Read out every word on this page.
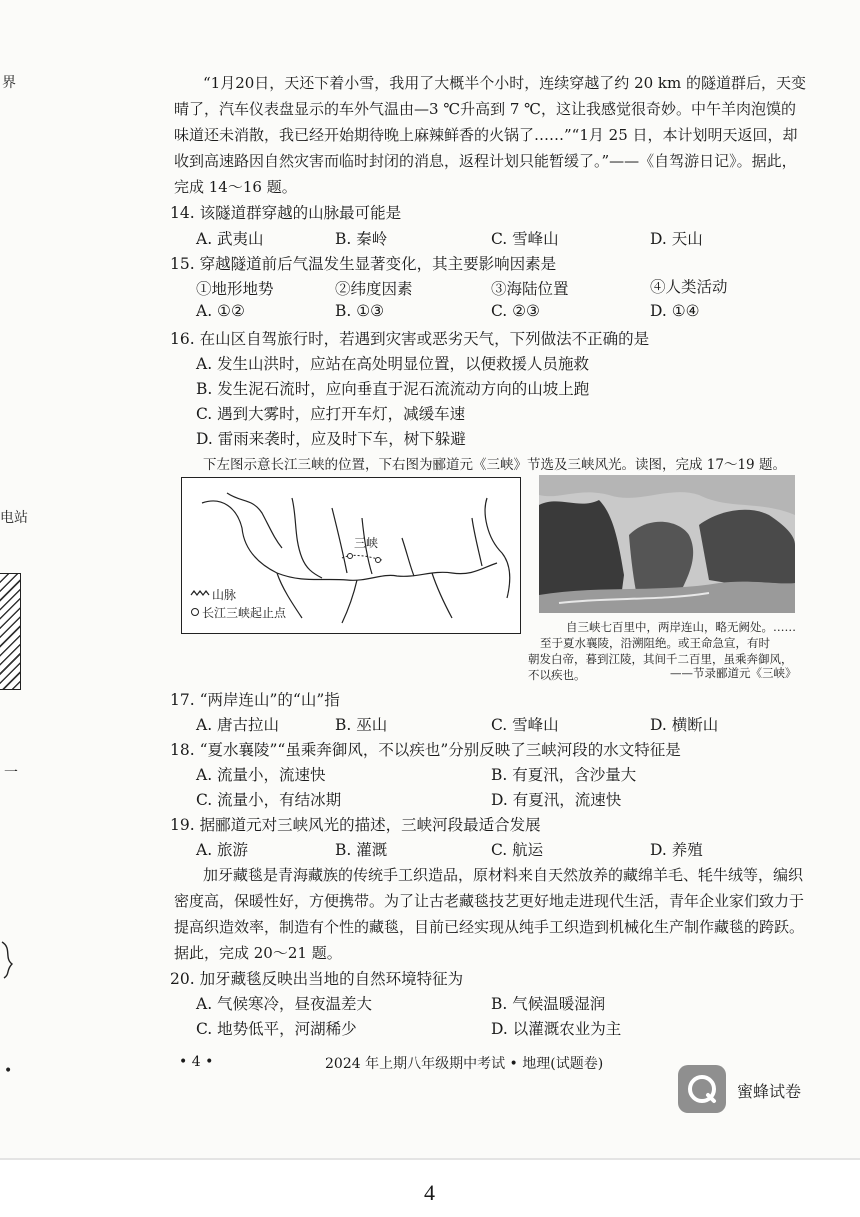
界
电站
一
•
“1月20日，天还下着小雪，我用了大概半个小时，连续穿越了约 20 km 的隧道群后，天变
晴了，汽车仪表盘显示的车外气温由—3 ℃升高到 7 ℃，这让我感觉很奇妙。中午羊肉泡馍的
味道还未消散，我已经开始期待晚上麻辣鲜香的火锅了……”“1月 25 日，本计划明天返回，却
收到高速路因自然灾害而临时封闭的消息，返程计划只能暂缓了。”——《自驾游日记》。据此，
完成 14～16 题。
14. 该隧道群穿越的山脉最可能是
A. 武夷山	B. 秦岭	C. 雪峰山	D. 天山
15. 穿越隧道前后气温发生显著变化，其主要影响因素是
①地形地势	②纬度因素	③海陆位置	④人类活动
A. ①②	B. ①③	C. ②③	D. ①④
16. 在山区自驾旅行时，若遇到灾害或恶劣天气，下列做法不正确的是
A. 发生山洪时，应站在高处明显位置，以便救援人员施救
B. 发生泥石流时，应向垂直于泥石流流动方向的山坡上跑
C. 遇到大雾时，应打开车灯，减缓车速
D. 雷雨来袭时，应及时下车，树下躲避
下左图示意长江三峡的位置，下右图为郦道元《三峡》节选及三峡风光。读图，完成 17～19 题。
三峡
山脉
长江三峡起止点
自三峡七百里中，两岸连山，略无阙处。……
至于夏水襄陵，沿溯阻绝。或王命急宣，有时
朝发白帝，暮到江陵，其间千二百里，虽乘奔御风，
不以疾也。	——节录郦道元《三峡》
17. “两岸连山”的“山”指
A. 唐古拉山	B. 巫山	C. 雪峰山	D. 横断山
18. “夏水襄陵”“虽乘奔御风，不以疾也”分别反映了三峡河段的水文特征是
A. 流量小，流速快	B. 有夏汛，含沙量大
C. 流量小，有结冰期	D. 有夏汛，流速快
19. 据郦道元对三峡风光的描述，三峡河段最适合发展
A. 旅游	B. 灌溉	C. 航运	D. 养殖
加牙藏毯是青海藏族的传统手工织造品，原材料来自天然放养的藏绵羊毛、牦牛绒等，编织
密度高，保暖性好，方便携带。为了让古老藏毯技艺更好地走进现代生活，青年企业家们致力于
提高织造效率，制造有个性的藏毯，目前已经实现从纯手工织造到机械化生产制作藏毯的跨跃。
据此，完成 20～21 题。
20. 加牙藏毯反映出当地的自然环境特征为
A. 气候寒冷，昼夜温差大	B. 气候温暖湿润
C. 地势低平，河湖稀少	D. 以灌溉农业为主
• 4 •	2024 年上期八年级期中考试 • 地理(试题卷)
蜜蜂试卷
4
